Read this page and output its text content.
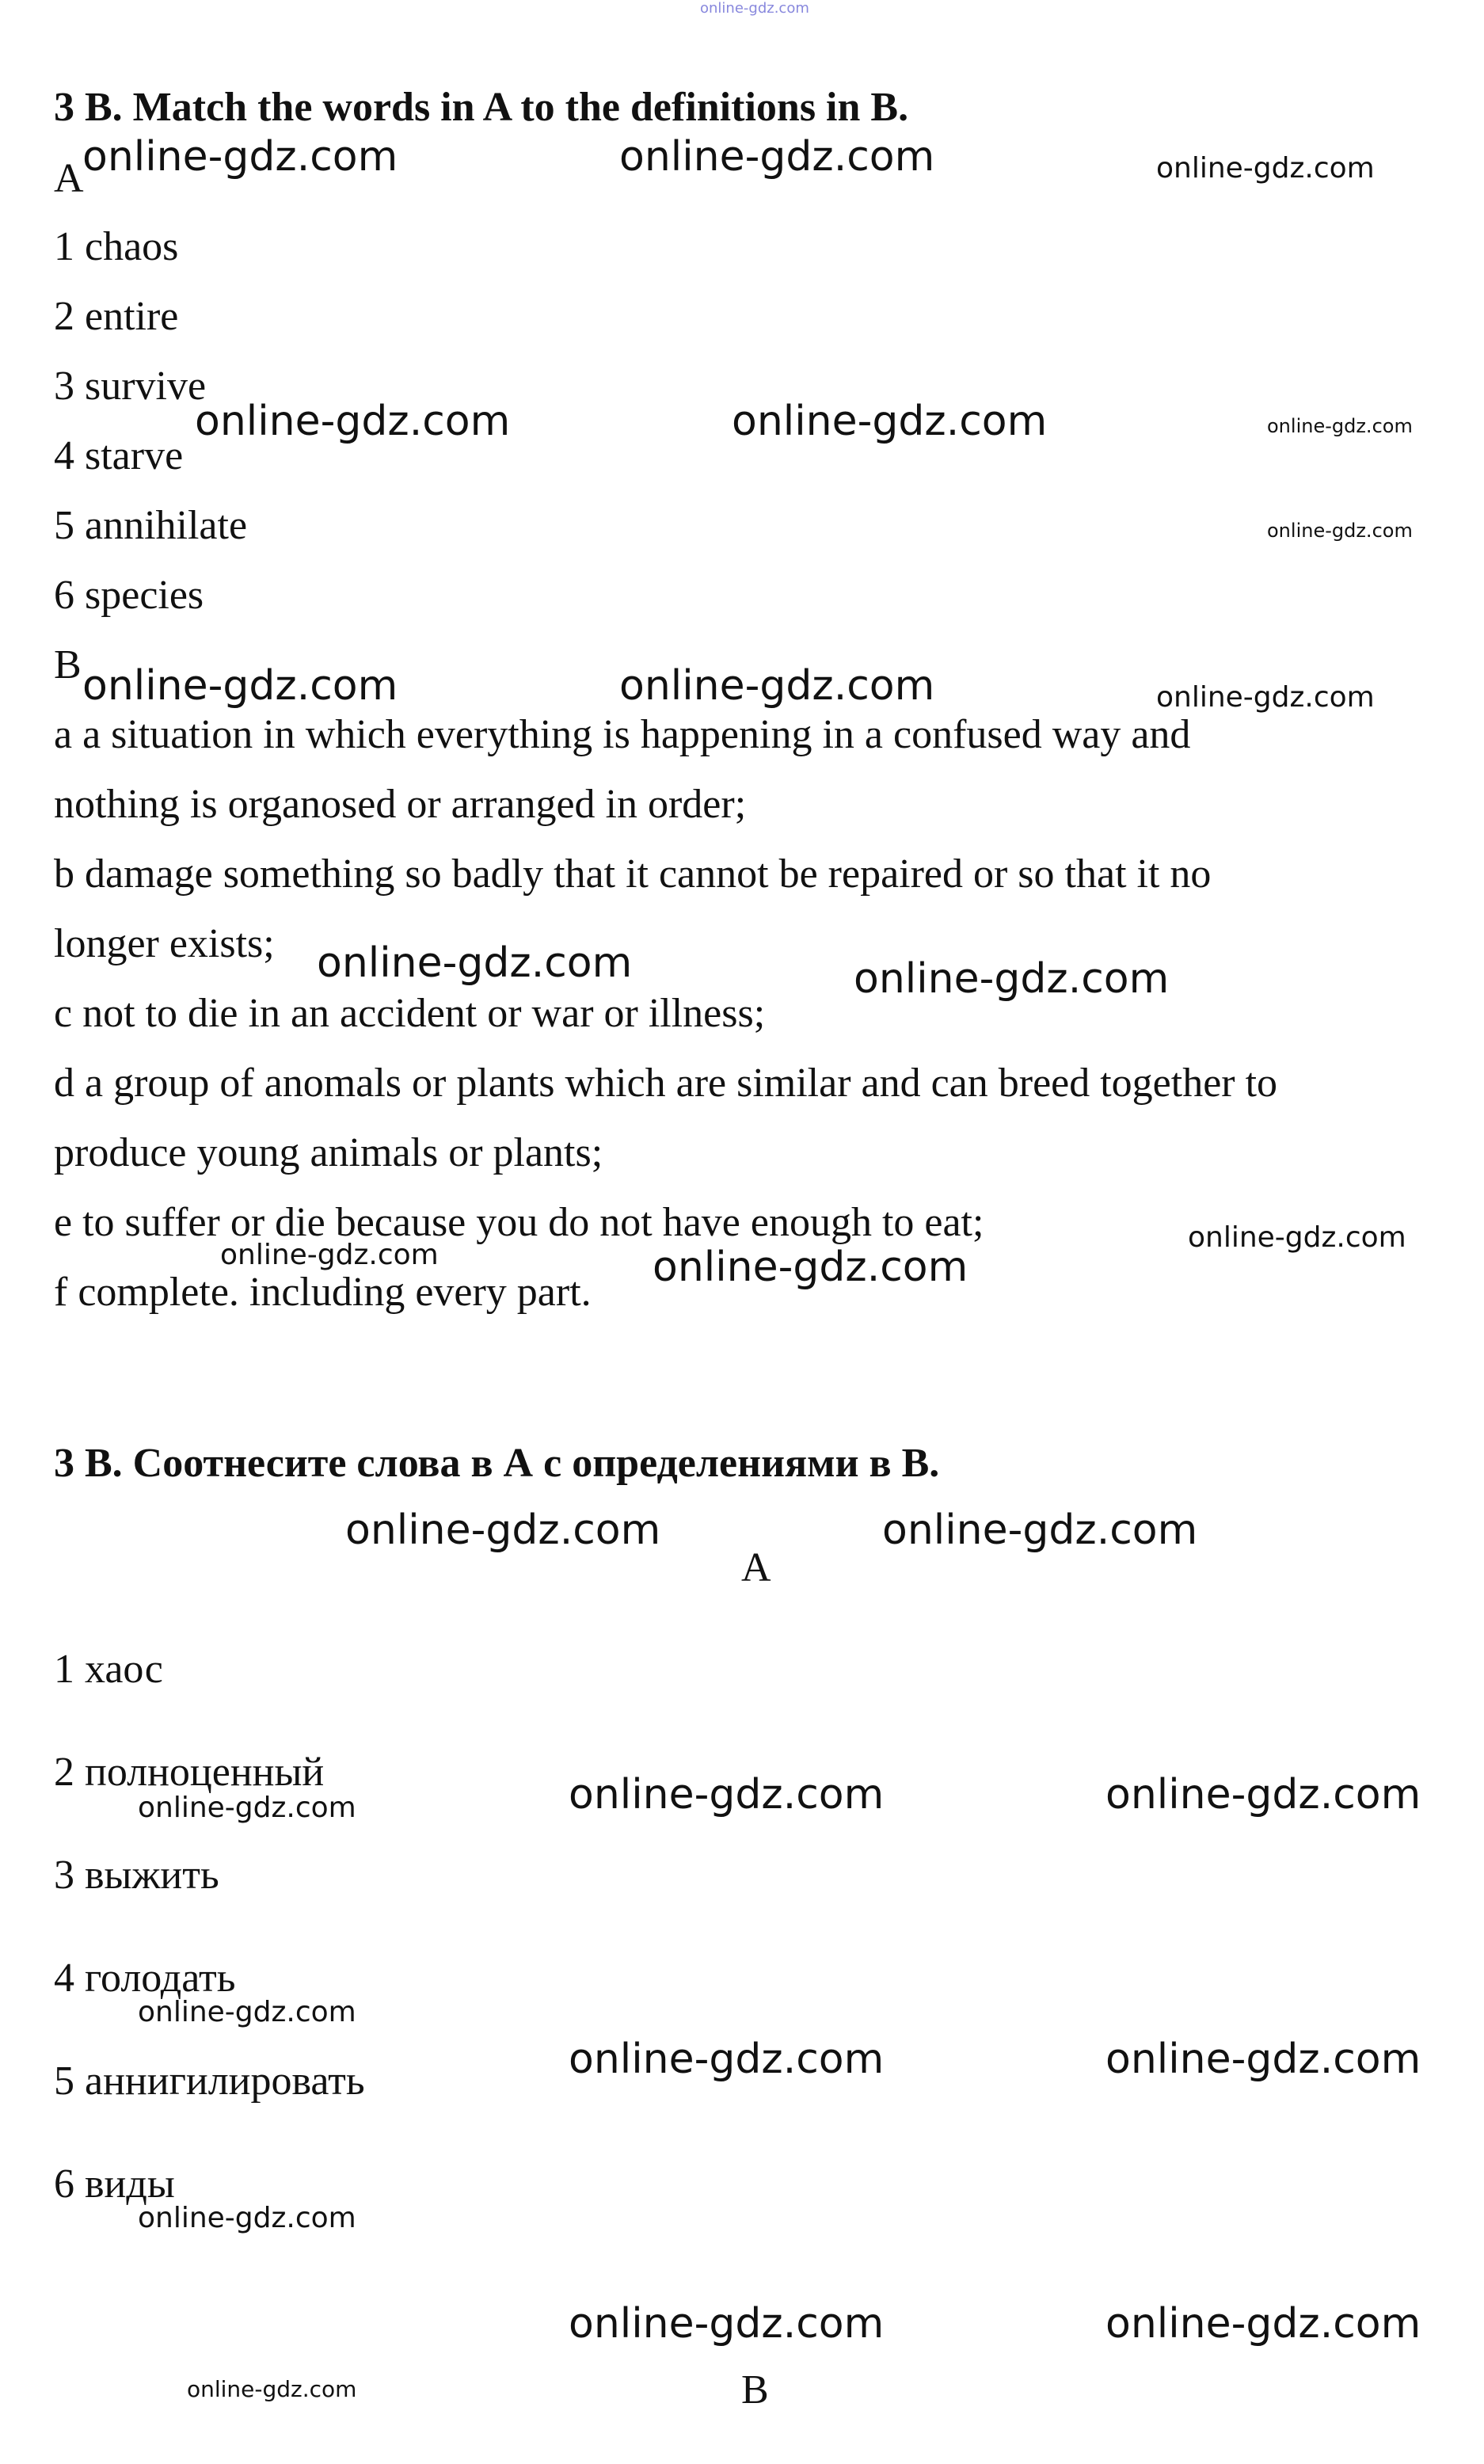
online-gdz.com
3 B. Match the words in A to the definitions in B.
A
1 chaos
2 entire
3 survive
4 starve
5 annihilate
6 species
B
a a situation in which everything is happening in a confused way and
nothing is organosed or arranged in order;
b damage something so badly that it cannot be repaired or so that it no
longer exists;
c not to die in an accident or war or illness;
d a group of anomals or plants which are similar and can breed together to
produce young animals or plants;
e to suffer or die because you do not have enough to eat;
f complete. including every part.
3 B. Соотнесите слова в А с определениями в В.
A
1 хаос
2 полноценный
3 выжить
4 голодать
5 аннигилировать
6 виды
B
online-gdz.com	online-gdz.com	online-gdz.com
online-gdz.com	online-gdz.com	online-gdz.com
online-gdz.com
online-gdz.com	online-gdz.com	online-gdz.com
online-gdz.com	online-gdz.com
online-gdz.com
online-gdz.com	online-gdz.com
online-gdz.com	online-gdz.com
online-gdz.com	online-gdz.com	online-gdz.com
online-gdz.com
online-gdz.com	online-gdz.com
online-gdz.com
online-gdz.com	online-gdz.com
online-gdz.com
